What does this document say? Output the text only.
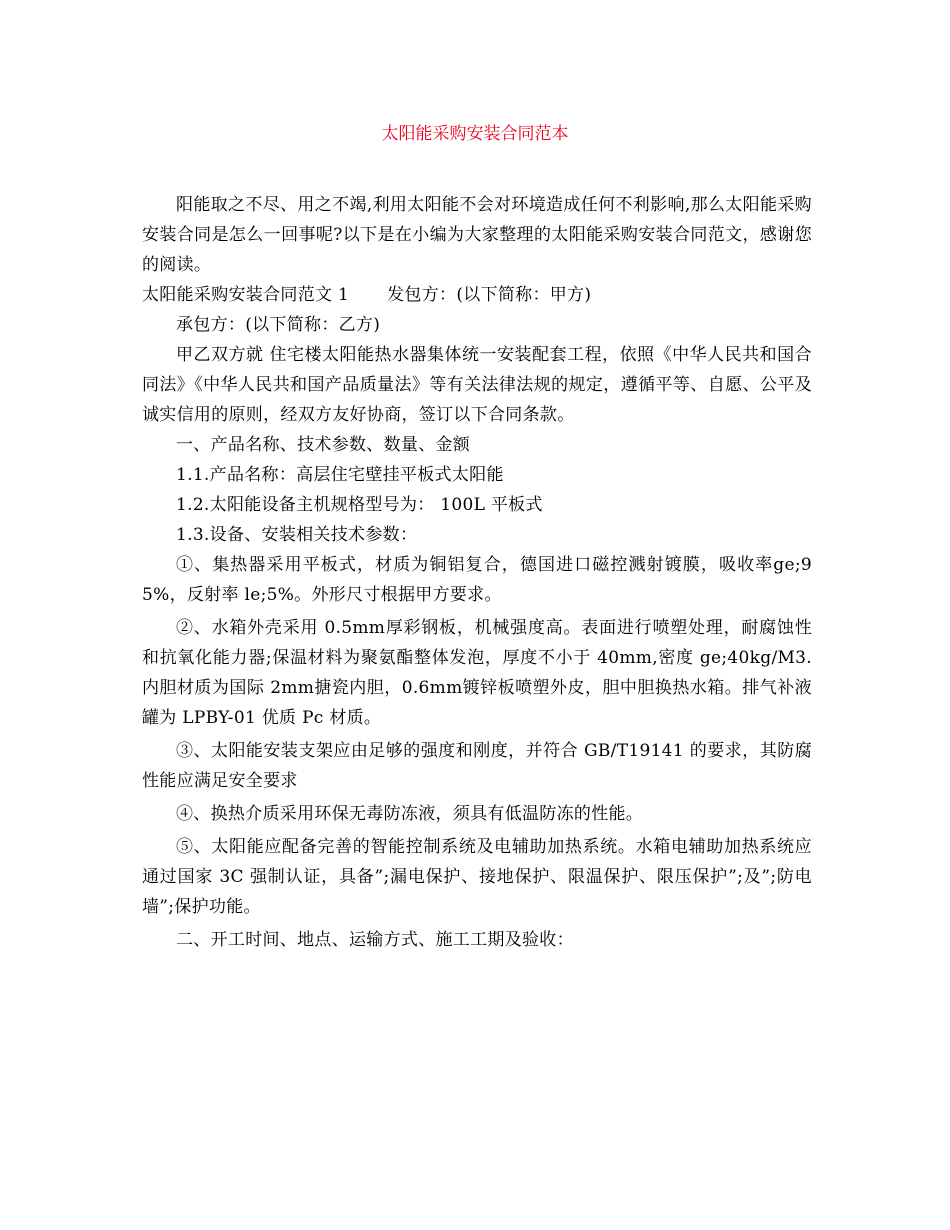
太阳能采购安装合同范本

阳能取之不尽、用之不竭,利用太阳能不会对环境造成任何不利影响,那么太阳能采购安装合同是怎么一回事呢?以下是在小编为大家整理的太阳能采购安装合同范文，感谢您的阅读。

太阳能采购安装合同范文 1 发包方：(以下简称：甲方)

承包方：(以下简称：乙方)

甲乙双方就 住宅楼太阳能热水器集体统一安装配套工程，依照《中华人民共和国合同法》《中华人民共和国产品质量法》等有关法律法规的规定，遵循平等、自愿、公平及诚实信用的原则，经双方友好协商，签订以下合同条款。

一、产品名称、技术参数、数量、金额

1.1.产品名称：高层住宅壁挂平板式太阳能

1.2.太阳能设备主机规格型号为： 100L 平板式

1.3.设备、安装相关技术参数：

①、集热器采用平板式，材质为铜铝复合，德国进口磁控溅射镀膜，吸收率ge;95%，反射率 le;5%。外形尺寸根据甲方要求。

②、水箱外壳采用 0.5mm厚彩钢板，机械强度高。表面进行喷塑处理，耐腐蚀性和抗氧化能力器;保温材料为聚氨酯整体发泡，厚度不小于 40mm,密度 ge;40kg/M3.内胆材质为国际 2mm搪瓷内胆，0.6mm镀锌板喷塑外皮，胆中胆换热水箱。排气补液罐为 LPBY-01 优质 Pc 材质。

③、太阳能安装支架应由足够的强度和刚度，并符合 GB/T19141 的要求，其防腐性能应满足安全要求

④、换热介质采用环保无毒防冻液，须具有低温防冻的性能。

⑤、太阳能应配备完善的智能控制系统及电辅助加热系统。水箱电辅助加热系统应通过国家 3C 强制认证，具备”;漏电保护、接地保护、限温保护、限压保护”;及”;防电墙”;保护功能。

二、开工时间、地点、运输方式、施工工期及验收：
